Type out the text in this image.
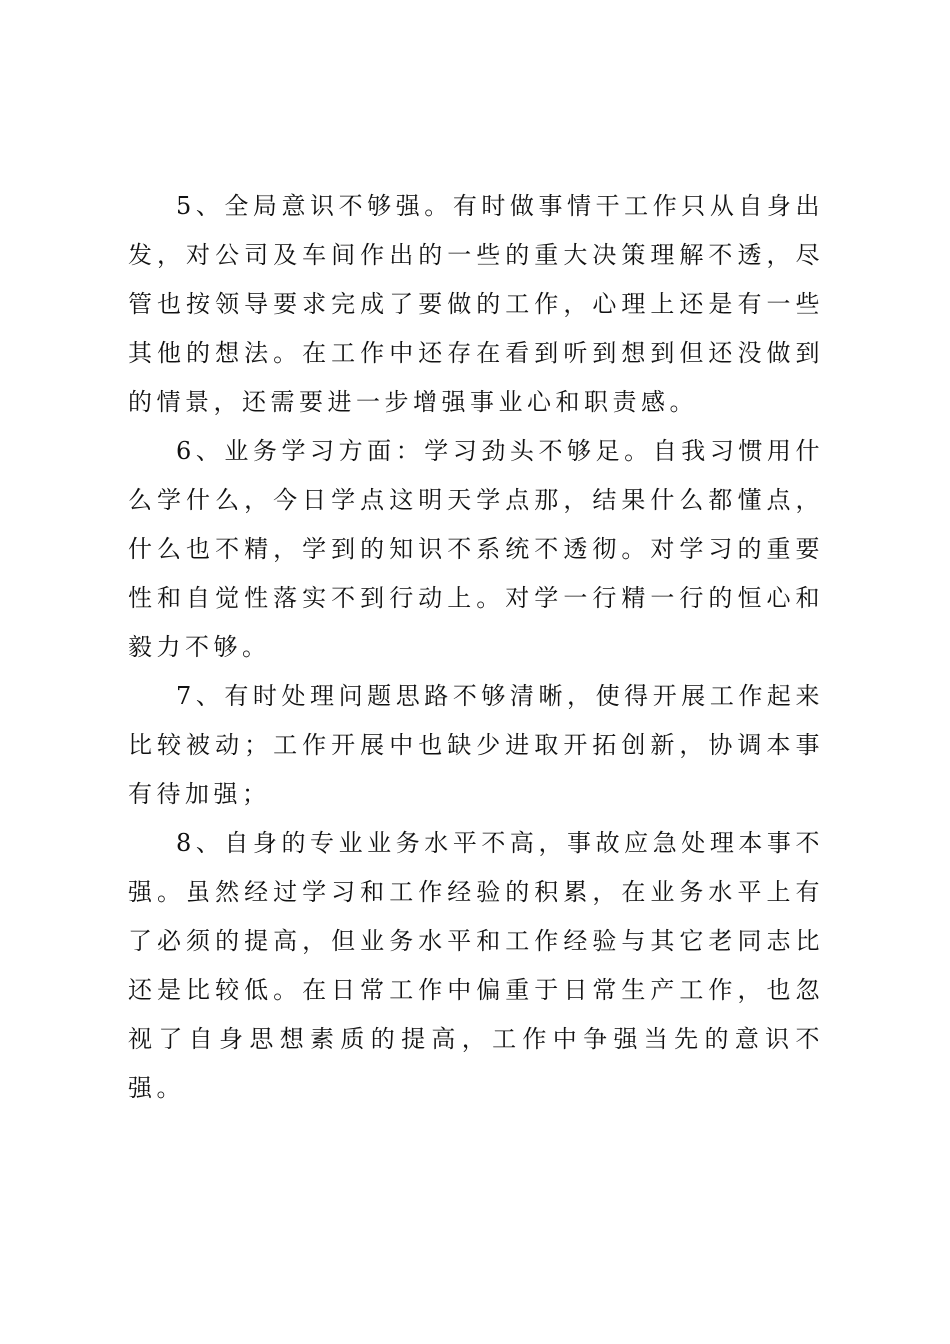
5、全局意识不够强。有时做事情干工作只从自身出发，对公司及车间作出的一些的重大决策理解不透，尽管也按领导要求完成了要做的工作，心理上还是有一些其他的想法。在工作中还存在看到听到想到但还没做到的情景，还需要进一步增强事业心和职责感。

6、业务学习方面：学习劲头不够足。自我习惯用什么学什么，今日学点这明天学点那，结果什么都懂点，什么也不精，学到的知识不系统不透彻。对学习的重要性和自觉性落实不到行动上。对学一行精一行的恒心和毅力不够。

7、有时处理问题思路不够清晰，使得开展工作起来比较被动；工作开展中也缺少进取开拓创新，协调本事有待加强；

8、自身的专业业务水平不高，事故应急处理本事不强。虽然经过学习和工作经验的积累，在业务水平上有了必须的提高，但业务水平和工作经验与其它老同志比还是比较低。在日常工作中偏重于日常生产工作，也忽视了自身思想素质的提高，工作中争强当先的意识不强。
